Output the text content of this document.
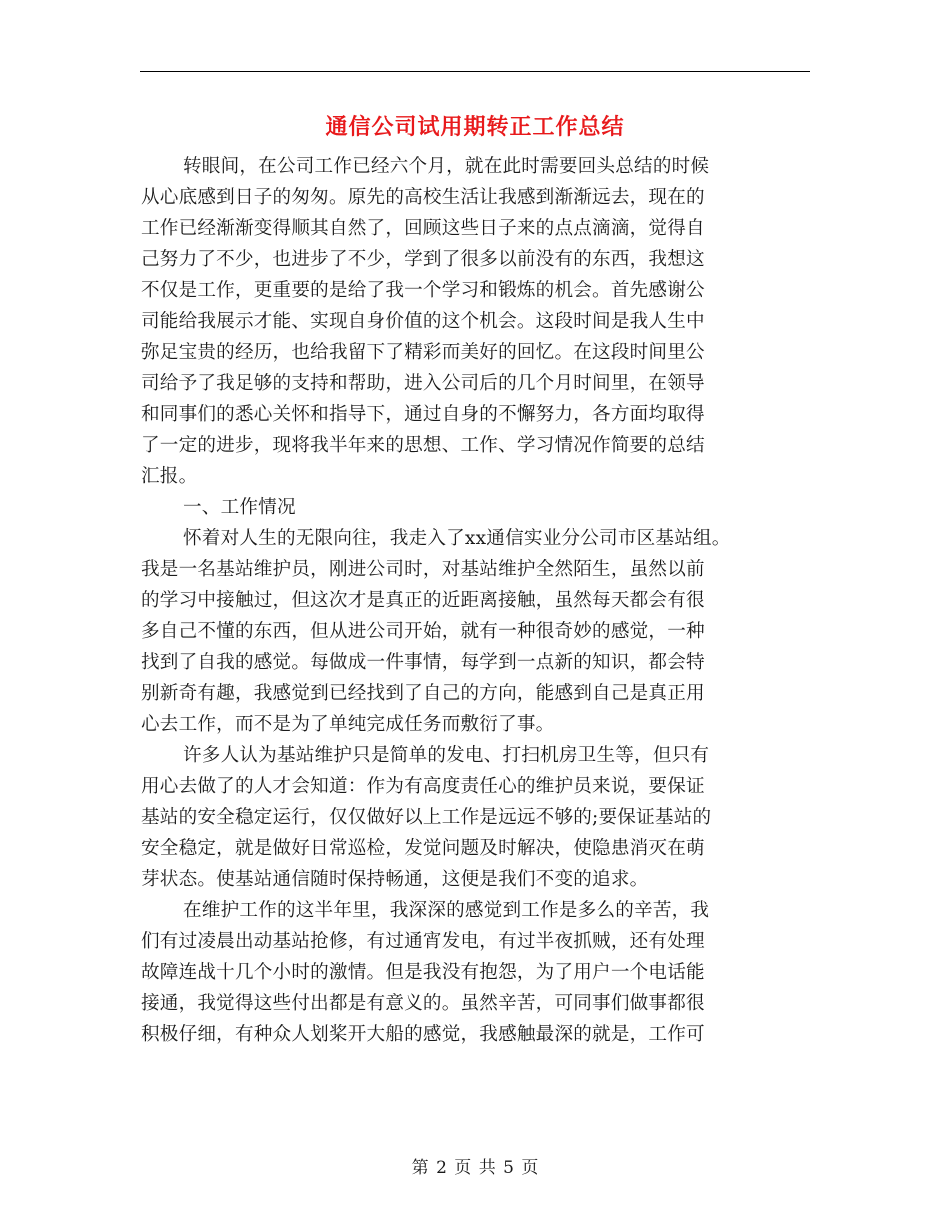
通信公司试用期转正工作总结
转眼间，在公司工作已经六个月，就在此时需要回头总结的时候
从心底感到日子的匆匆。原先的高校生活让我感到渐渐远去，现在的
工作已经渐渐变得顺其自然了，回顾这些日子来的点点滴滴，觉得自
己努力了不少，也进步了不少，学到了很多以前没有的东西，我想这
不仅是工作，更重要的是给了我一个学习和锻炼的机会。首先感谢公
司能给我展示才能、实现自身价值的这个机会。这段时间是我人生中
弥足宝贵的经历，也给我留下了精彩而美好的回忆。在这段时间里公
司给予了我足够的支持和帮助，进入公司后的几个月时间里，在领导
和同事们的悉心关怀和指导下，通过自身的不懈努力，各方面均取得
了一定的进步，现将我半年来的思想、工作、学习情况作简要的总结
汇报。
一、工作情况
怀着对人生的无限向往，我走入了xx通信实业分公司市区基站组。
我是一名基站维护员，刚进公司时，对基站维护全然陌生，虽然以前
的学习中接触过，但这次才是真正的近距离接触，虽然每天都会有很
多自己不懂的东西，但从进公司开始，就有一种很奇妙的感觉，一种
找到了自我的感觉。每做成一件事情，每学到一点新的知识，都会特
别新奇有趣，我感觉到已经找到了自己的方向，能感到自己是真正用
心去工作，而不是为了单纯完成任务而敷衍了事。
许多人认为基站维护只是简单的发电、打扫机房卫生等，但只有
用心去做了的人才会知道：作为有高度责任心的维护员来说，要保证
基站的安全稳定运行，仅仅做好以上工作是远远不够的;要保证基站的
安全稳定，就是做好日常巡检，发觉问题及时解决，使隐患消灭在萌
芽状态。使基站通信随时保持畅通，这便是我们不变的追求。
在维护工作的这半年里，我深深的感觉到工作是多么的辛苦，我
们有过凌晨出动基站抢修，有过通宵发电，有过半夜抓贼，还有处理
故障连战十几个小时的激情。但是我没有抱怨，为了用户一个电话能
接通，我觉得这些付出都是有意义的。虽然辛苦，可同事们做事都很
积极仔细，有种众人划桨开大船的感觉，我感触最深的就是，工作可
第 2 页 共 5 页
